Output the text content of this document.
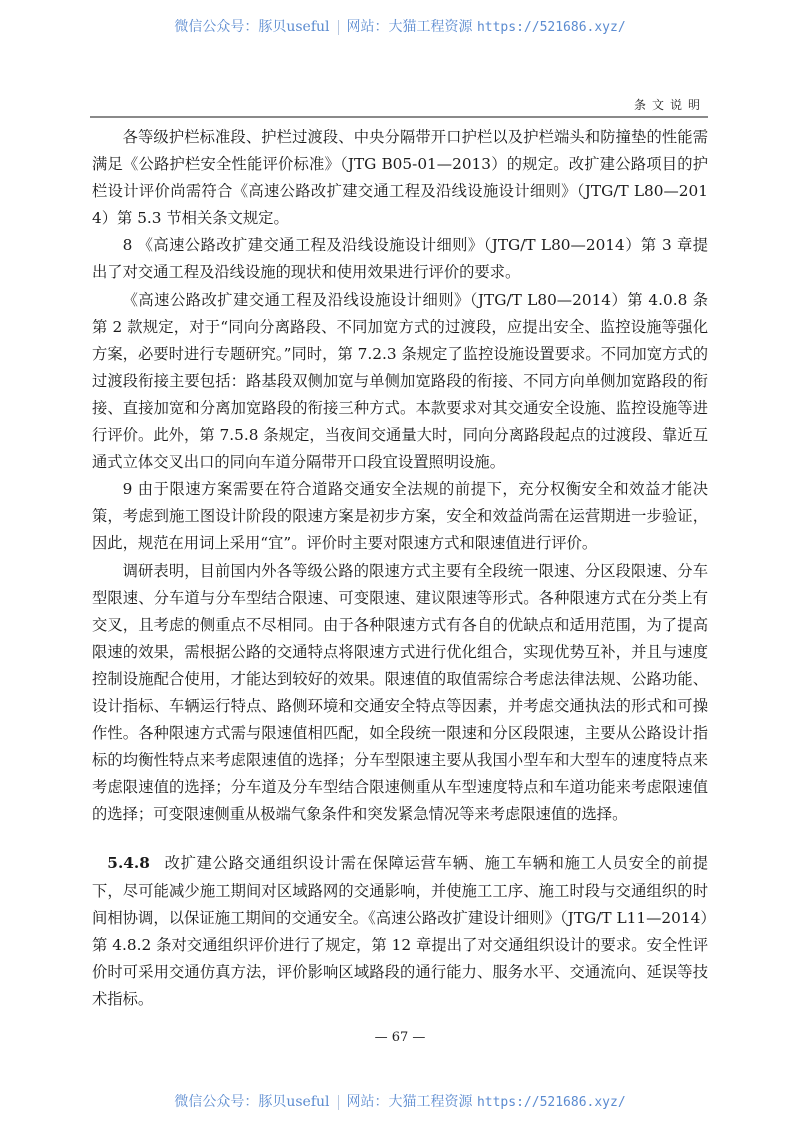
微信公众号：豚贝useful 网站：大猫工程资源 https://521686.xyz/
条文说明

各等级护栏标准段、护栏过渡段、中央分隔带开口护栏以及护栏端头和防撞垫的性能需满足《公路护栏安全性能评价标准》（JTG B05-01—2013）的规定。改扩建公路项目的护栏设计评价尚需符合《高速公路改扩建交通工程及沿线设施设计细则》（JTG/T L80—2014）第 5.3 节相关条文规定。

8 《高速公路改扩建交通工程及沿线设施设计细则》（JTG/T L80—2014）第 3 章提出了对交通工程及沿线设施的现状和使用效果进行评价的要求。

《高速公路改扩建交通工程及沿线设施设计细则》（JTG/T L80—2014）第 4.0.8 条第 2 款规定，对于“同向分离路段、不同加宽方式的过渡段，应提出安全、监控设施等强化方案，必要时进行专题研究。”同时，第 7.2.3 条规定了监控设施设置要求。不同加宽方式的过渡段衔接主要包括：路基段双侧加宽与单侧加宽路段的衔接、不同方向单侧加宽路段的衔接、直接加宽和分离加宽路段的衔接三种方式。本款要求对其交通安全设施、监控设施等进行评价。此外，第 7.5.8 条规定，当夜间交通量大时，同向分离路段起点的过渡段、靠近互通式立体交叉出口的同向车道分隔带开口段宜设置照明设施。

9 由于限速方案需要在符合道路交通安全法规的前提下，充分权衡安全和效益才能决策，考虑到施工图设计阶段的限速方案是初步方案，安全和效益尚需在运营期进一步验证，因此，规范在用词上采用“宜”。评价时主要对限速方式和限速值进行评价。

调研表明，目前国内外各等级公路的限速方式主要有全段统一限速、分区段限速、分车型限速、分车道与分车型结合限速、可变限速、建议限速等形式。各种限速方式在分类上有交叉，且考虑的侧重点不尽相同。由于各种限速方式有各自的优缺点和适用范围，为了提高限速的效果，需根据公路的交通特点将限速方式进行优化组合，实现优势互补，并且与速度控制设施配合使用，才能达到较好的效果。限速值的取值需综合考虑法律法规、公路功能、设计指标、车辆运行特点、路侧环境和交通安全特点等因素，并考虑交通执法的形式和可操作性。各种限速方式需与限速值相匹配，如全段统一限速和分区段限速，主要从公路设计指标的均衡性特点来考虑限速值的选择；分车型限速主要从我国小型车和大型车的速度特点来考虑限速值的选择；分车道及分车型结合限速侧重从车型速度特点和车道功能来考虑限速值的选择；可变限速侧重从极端气象条件和突发紧急情况等来考虑限速值的选择。

5.4.8 改扩建公路交通组织设计需在保障运营车辆、施工车辆和施工人员安全的前提下，尽可能减少施工期间对区域路网的交通影响，并使施工工序、施工时段与交通组织的时间相协调，以保证施工期间的交通安全。《高速公路改扩建设计细则》（JTG/T L11—2014）第 4.8.2 条对交通组织评价进行了规定，第 12 章提出了对交通组织设计的要求。安全性评价时可采用交通仿真方法，评价影响区域路段的通行能力、服务水平、交通流向、延误等技术指标。

— 67 —
微信公众号：豚贝useful 网站：大猫工程资源 https://521686.xyz/
